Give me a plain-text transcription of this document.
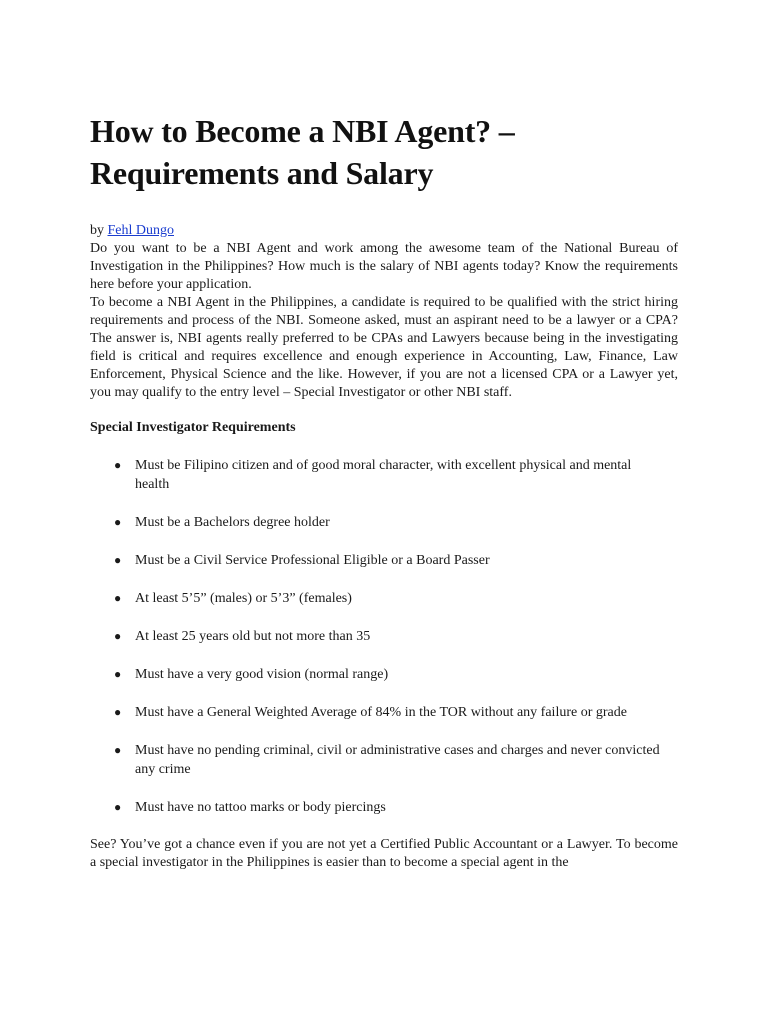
How to Become a NBI Agent? – Requirements and Salary
by Fehl Dungo

Do you want to be a NBI Agent and work among the awesome team of the National Bureau of Investigation in the Philippines? How much is the salary of NBI agents today? Know the requirements here before your application.

To become a NBI Agent in the Philippines, a candidate is required to be qualified with the strict hiring requirements and process of the NBI. Someone asked, must an aspirant need to be a lawyer or a CPA? The answer is, NBI agents really preferred to be CPAs and Lawyers because being in the investigating field is critical and requires excellence and enough experience in Accounting, Law, Finance, Law Enforcement, Physical Science and the like. However, if you are not a licensed CPA or a Lawyer yet, you may qualify to the entry level – Special Investigator or other NBI staff.

Special Investigator Requirements
● Must be Filipino citizen and of good moral character, with excellent physical and mental health
● Must be a Bachelors degree holder
● Must be a Civil Service Professional Eligible or a Board Passer
● At least 5’5” (males) or 5’3” (females)
● At least 25 years old but not more than 35
● Must have a very good vision (normal range)
● Must have a General Weighted Average of 84% in the TOR without any failure or grade
● Must have no pending criminal, civil or administrative cases and charges and never convicted any crime
● Must have no tattoo marks or body piercings

See? You’ve got a chance even if you are not yet a Certified Public Accountant or a Lawyer. To become a special investigator in the Philippines is easier than to become a special agent in the
